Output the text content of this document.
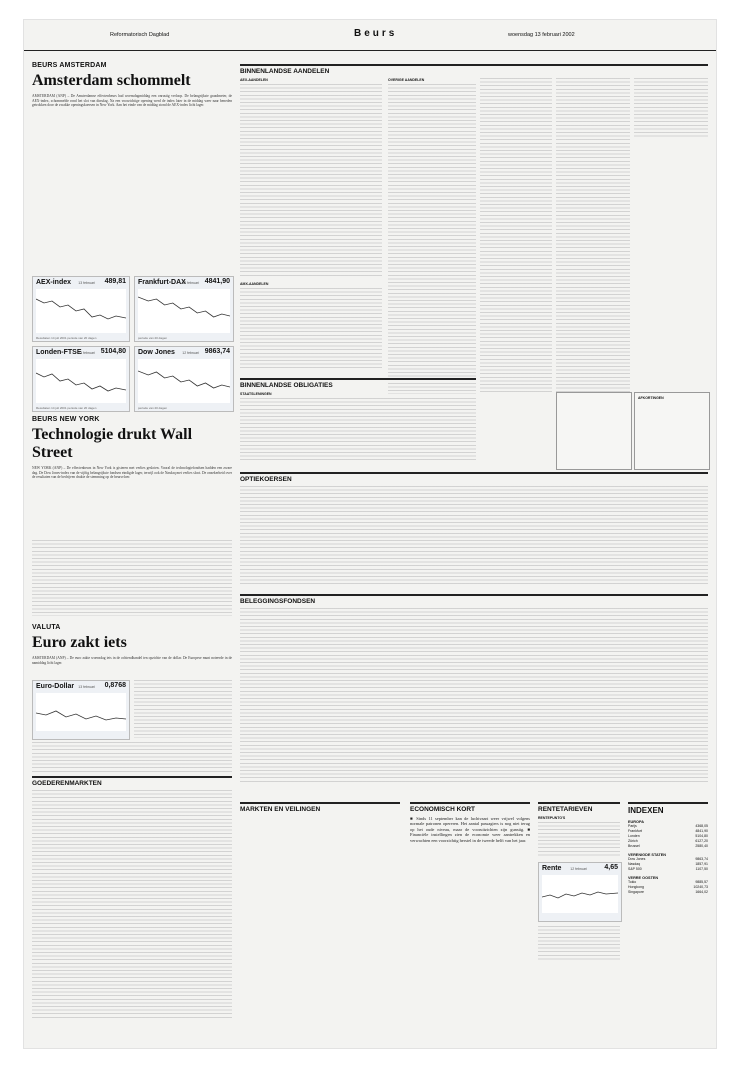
Reformatorisch Dagblad	Beurs	woensdag 13 februari 2002
BEURS AMSTERDAM
Amsterdam schommelt
AMSTERDAM (ANP) – De Amsterdamse effectenbeurs had woensdagmiddag een onrustig verloop. De belangrijkste graadmeter, de AEX-index, schommelde rond het slot van dinsdag. Na een voorzichtige opening werd de index later in de middag weer naar beneden getrokken door de zwakke openingskoersen in New York. Aan het einde van de middag stond de AEX-index licht lager.
AEX-index 13 februari 489,81
Resultaten 14 juli 2001 periode van 20 dagen
Frankfurt-DAX
13 februari 4841,90
periode van 20 dagen
Londen-FTSE
13 februari 5104,80
Resultaten 14 juli 2001 periode van 20 dagen
Dow Jones 12 februari 9863,74
periode van 20 dagen
BEURS NEW YORK
Technologie drukt Wall Street
NEW YORK (ANP) – De effectenbeurs in New York is gisteren met verlies gesloten. Vooral de technologiefondsen hadden een zware dag. De Dow Jones-index van de vijftig belangrijkste fondsen eindigde lager, terwijl ook de Nasdaq met verlies sloot. De onzekerheid over de resultaten van de bedrijven drukte de stemming op de beursvloer.
VALUTA
Euro zakt iets
AMSTERDAM (ANP) – De euro zakte woensdag iets in de ochtendhandel ten opzichte van de dollar. De Europese munt noteerde in de namiddag licht lager.
Euro-Dollar 13 februari 0,8768
GOEDERENMARKTEN
BINNENLANDSE AANDELEN
AEX-AANDELEN
AMX-AANDELEN
OVERIGE AANDELEN
BINNENLANDSE OBLIGATIES
STAATSLENINGEN
AFKORTINGEN
OPTIEKOERSEN
BELEGGINGSFONDSEN
MARKTEN EN VEILINGEN	ECONOMISCH KORT
■ Sinds 11 september kan de luchtvaart weer vrijwel volgens normale patronen opereren. Het aantal passagiers is nog niet terug op het oude niveau, maar de vooruitzichten zijn gunstig. ■ Financiële instellingen zien de economie weer aantrekken en verwachten een voorzichtig herstel in de tweede helft van het jaar.
RENTETARIEVEN
RENTEPUNTO'S
Rente	12 februari 4,65
INDEXEN
EUROPA
Parijs	4368,05
Frankfurt	4841,90
Londen	5104,80
Zürich	6127,20
Brussel	2580,40
VERENIGDE STATEN
Dow Jones	9863,74
Nasdaq	1857,91
S&P 500	1107,50
VERRE OOSTEN
Tokio	9885,57
Hongkong	10240,73
Singapore	1664,02
